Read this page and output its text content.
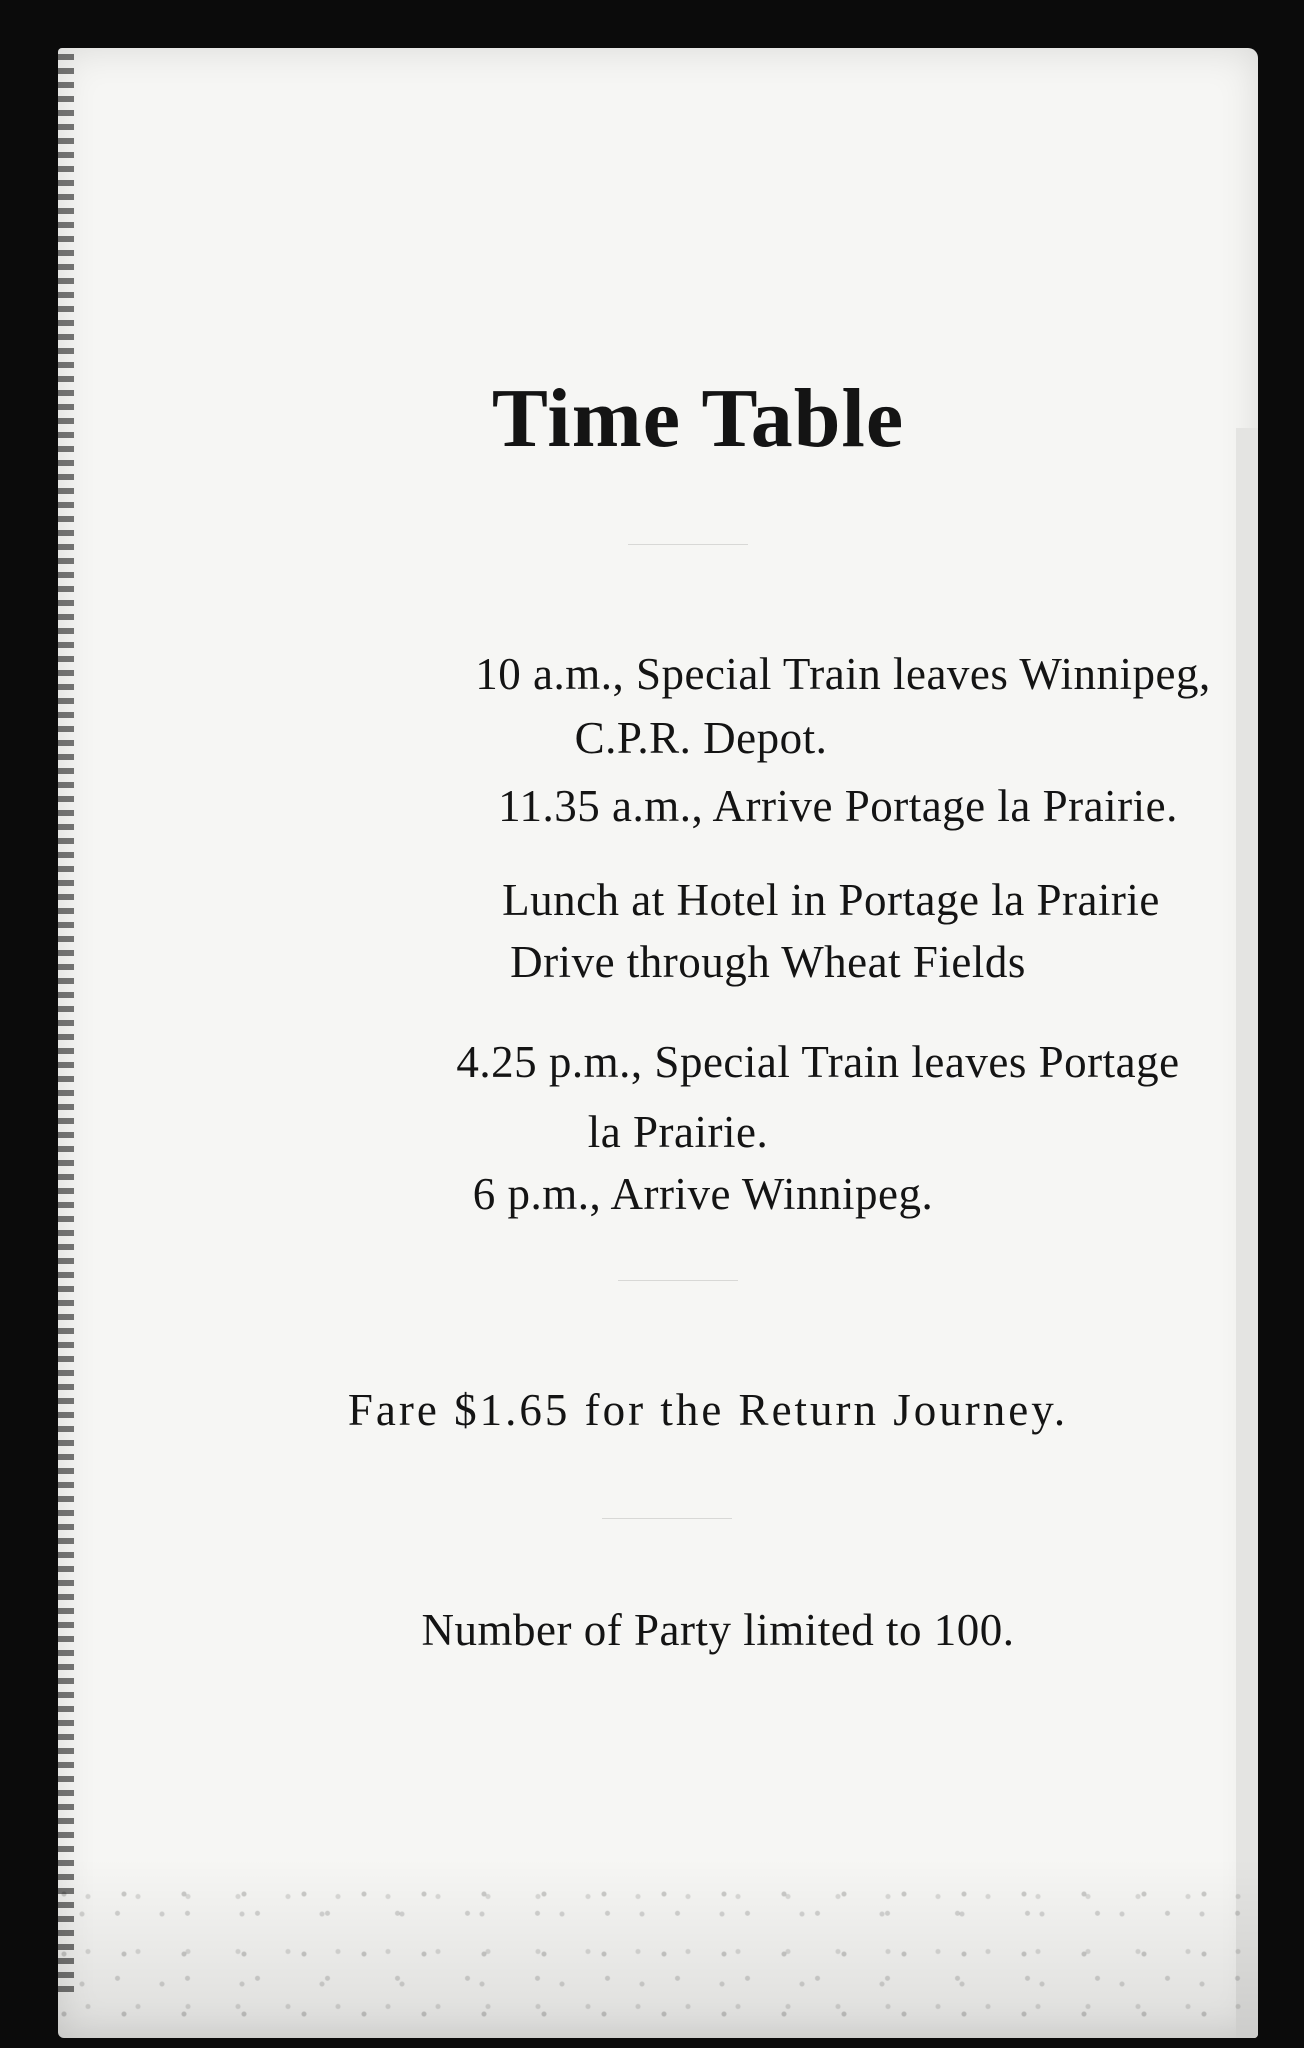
Time Table
10 a.m., Special Train leaves Winnipeg,
C.P.R. Depot.
11.35 a.m., Arrive Portage la Prairie.
Lunch at Hotel in Portage la Prairie
Drive through Wheat Fields
4.25 p.m., Special Train leaves Portage
la Prairie.
6 p.m., Arrive Winnipeg.
Fare $1.65 for the Return Journey.
Number of Party limited to 100.
